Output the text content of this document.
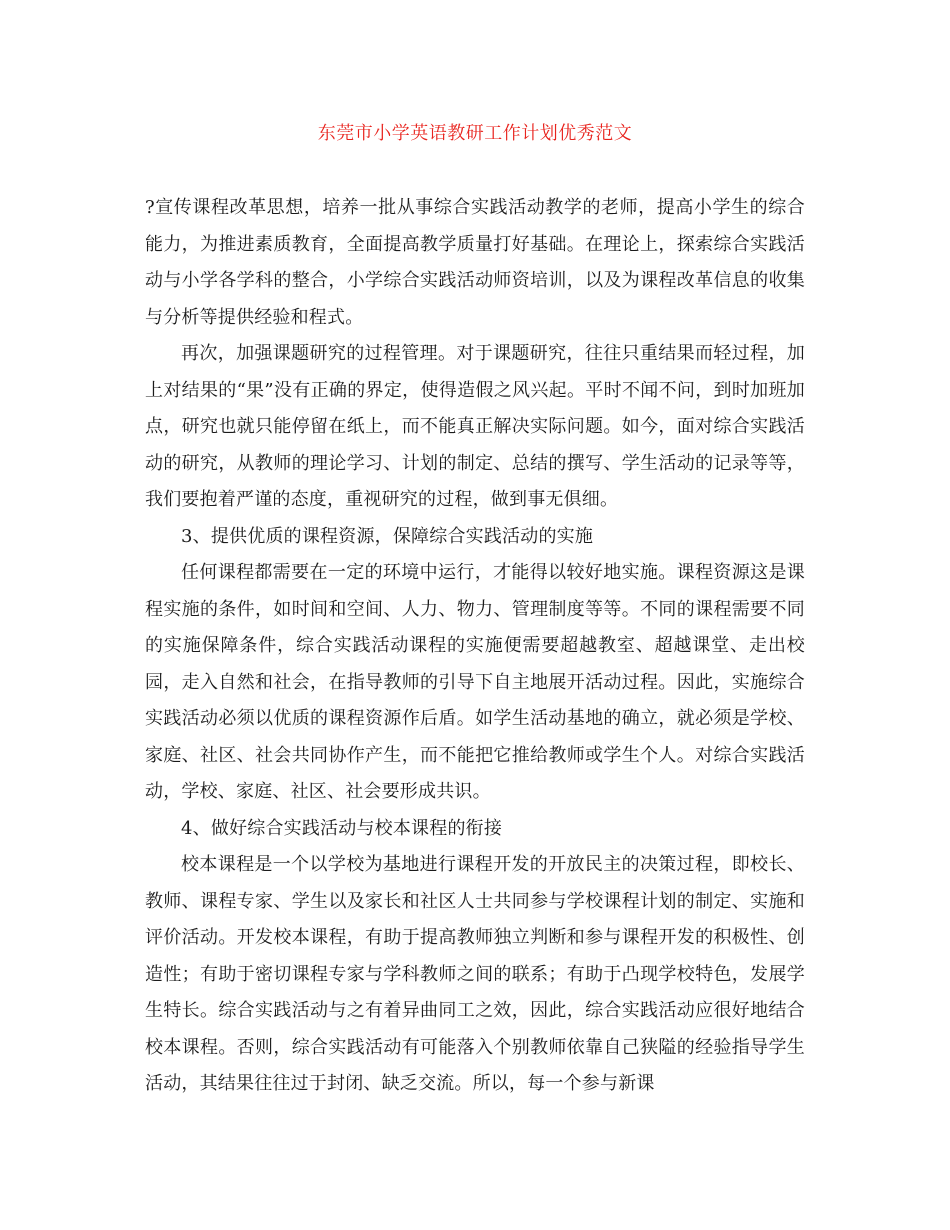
东莞市小学英语教研工作计划优秀范文

?宣传课程改革思想，培养一批从事综合实践活动教学的老师，提高小学生的综合能力，为推进素质教育，全面提高教学质量打好基础。在理论上，探索综合实践活动与小学各学科的整合，小学综合实践活动师资培训，以及为课程改革信息的收集与分析等提供经验和程式。

再次，加强课题研究的过程管理。对于课题研究，往往只重结果而轻过程，加上对结果的“果”没有正确的界定，使得造假之风兴起。平时不闻不问，到时加班加点，研究也就只能停留在纸上，而不能真正解决实际问题。如今，面对综合实践活动的研究，从教师的理论学习、计划的制定、总结的撰写、学生活动的记录等等，我们要抱着严谨的态度，重视研究的过程，做到事无俱细。

3、提供优质的课程资源，保障综合实践活动的实施

任何课程都需要在一定的环境中运行，才能得以较好地实施。课程资源这是课程实施的条件，如时间和空间、人力、物力、管理制度等等。不同的课程需要不同的实施保障条件，综合实践活动课程的实施便需要超越教室、超越课堂、走出校园，走入自然和社会，在指导教师的引导下自主地展开活动过程。因此，实施综合实践活动必须以优质的课程资源作后盾。如学生活动基地的确立，就必须是学校、家庭、社区、社会共同协作产生，而不能把它推给教师或学生个人。对综合实践活动，学校、家庭、社区、社会要形成共识。

4、做好综合实践活动与校本课程的衔接

校本课程是一个以学校为基地进行课程开发的开放民主的决策过程，即校长、教师、课程专家、学生以及家长和社区人士共同参与学校课程计划的制定、实施和评价活动。开发校本课程，有助于提高教师独立判断和参与课程开发的积极性、创造性；有助于密切课程专家与学科教师之间的联系；有助于凸现学校特色，发展学生特长。综合实践活动与之有着异曲同工之效，因此，综合实践活动应很好地结合校本课程。否则，综合实践活动有可能落入个别教师依靠自己狭隘的经验指导学生活动，其结果往往过于封闭、缺乏交流。所以，每一个参与新课
